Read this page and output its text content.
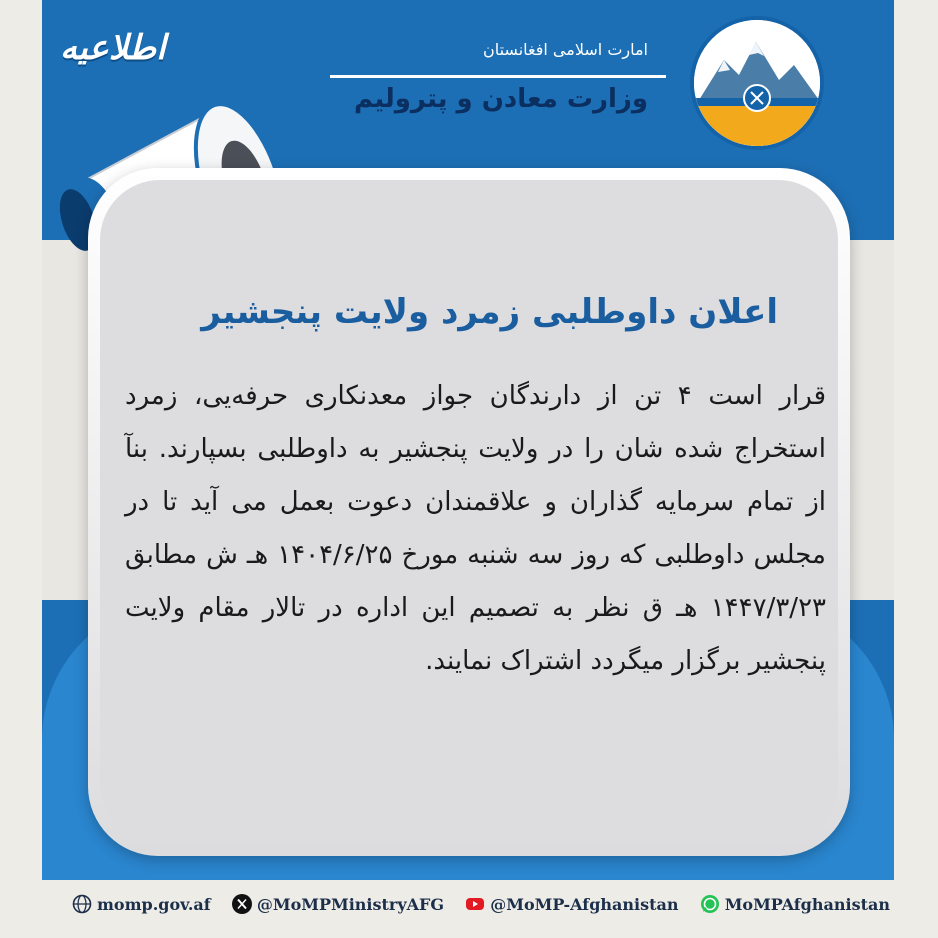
اطلاعیه	امارت اسلامی افغانستان
وزارت معادن و پترولیم
اعلان داوطلبی زمرد ولایت پنجشیر
قرار است ۴ تن از دارندگان جواز معدنکاری حرفه‌یی، زمرد استخراج شده شان را در ولایت پنجشیر به داوطلبی بسپارند. بنآ از تمام سرمایه گذاران و علاقمندان دعوت بعمل می آید تا در مجلس داوطلبی که روز سه شنبه مورخ ۱۴۰۴/۶/۲۵ هـ ش مطابق ۱۴۴۷/۳/۲۳ هـ ق نظر به تصمیم این اداره در تالار مقام ولایت پنجشیر برگزار میگردد اشتراک نمایند.
momp.gov.af	@MoMPMinistryAFG	@MoMP-Afghanistan	MoMPAfghanistan
